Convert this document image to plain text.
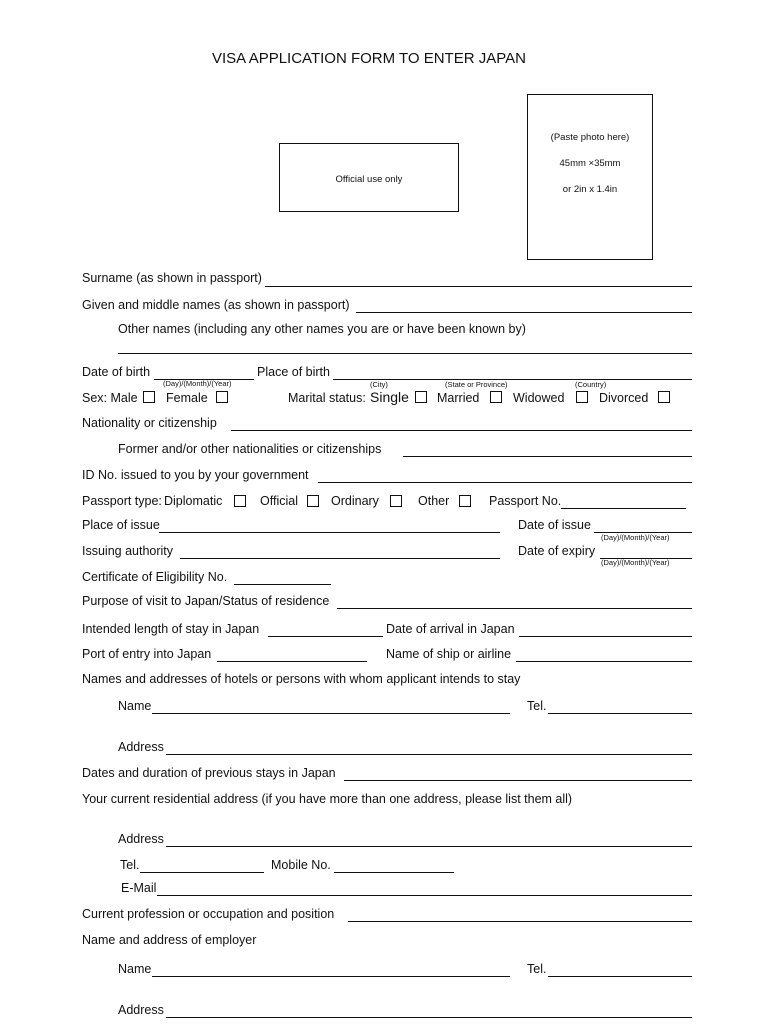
VISA APPLICATION FORM TO ENTER JAPAN
Official use only
(Paste photo here)
45mm ×35mm
or 2in x 1.4in
Surname (as shown in passport)
Given and middle names (as shown in passport)
Other names (including any other names you are or have been known by)
Date of birth
(Day)/(Month)/(Year)
Place of birth
(City)	(State or Province)	(Country)
Sex: Male Female	Marital status: Single Married	Widowed	Divorced
Nationality or citizenship
Former and/or other nationalities or citizenships
ID No. issued to you by your government
Passport type: Diplomatic	Official	Ordinary	Other	Passport No.
Place of issue	Date of issue
(Day)/(Month)/(Year)
Issuing authority	Date of expiry
(Day)/(Month)/(Year)
Certificate of Eligibility No.
Purpose of visit to Japan/Status of residence
Intended length of stay in Japan	Date of arrival in Japan
Port of entry into Japan	Name of ship or airline
Names and addresses of hotels or persons with whom applicant intends to stay
Name	Tel.
Address
Dates and duration of previous stays in Japan
Your current residential address (if you have more than one address, please list them all)
Address
Tel.	Mobile No.
E-Mail
Current profession or occupation and position
Name and address of employer
Name	Tel.
Address
